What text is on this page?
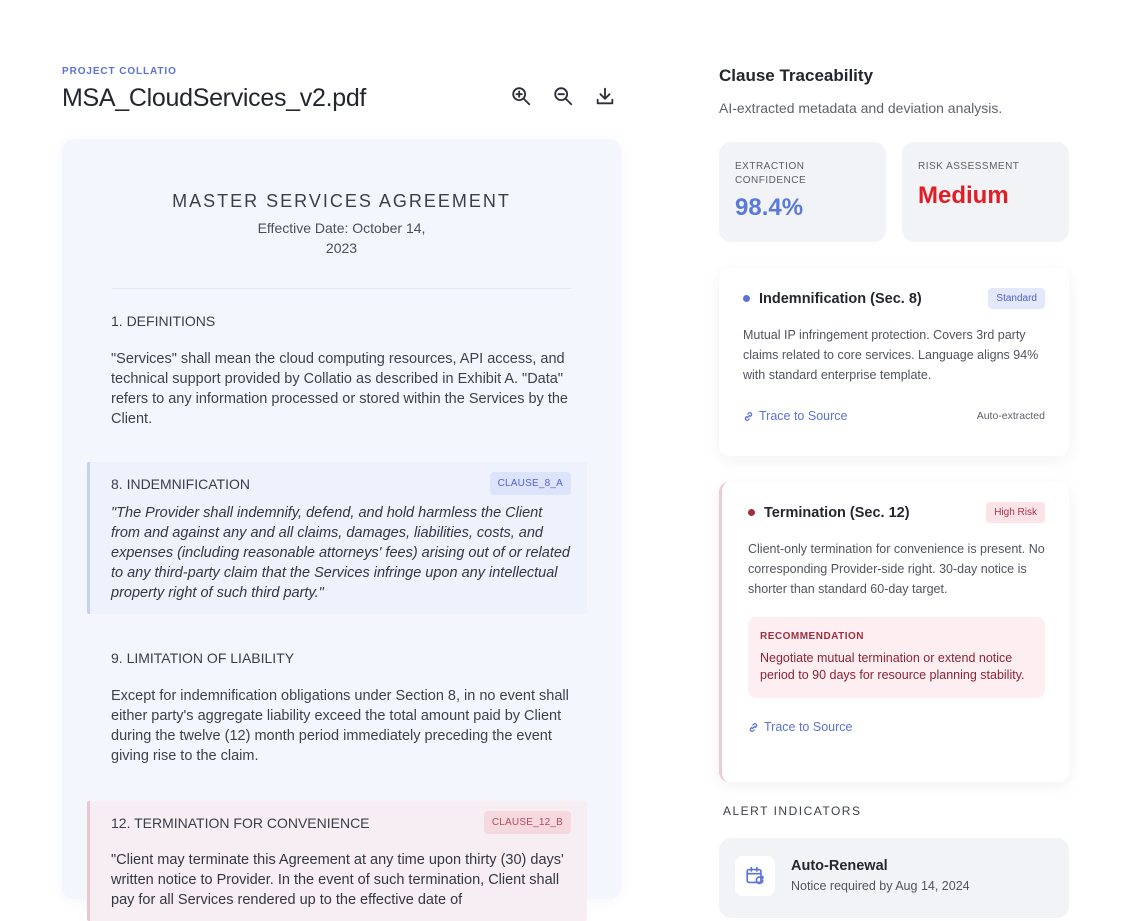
PROJECT COLLATIO
MSA_CloudServices_v2.pdf
MASTER SERVICES AGREEMENT
Effective Date: October 14, 2023
1. DEFINITIONS
"Services" shall mean the cloud computing resources, API access, and technical support provided by Collatio as described in Exhibit A. "Data" refers to any information processed or stored within the Services by the Client.
8. INDEMNIFICATION	CLAUSE_8_A
"The Provider shall indemnify, defend, and hold harmless the Client from and against any and all claims, damages, liabilities, costs, and expenses (including reasonable attorneys' fees) arising out of or related to any third-party claim that the Services infringe upon any intellectual property right of such third party."
9. LIMITATION OF LIABILITY
Except for indemnification obligations under Section 8, in no event shall either party's aggregate liability exceed the total amount paid by Client during the twelve (12) month period immediately preceding the event giving rise to the claim.
12. TERMINATION FOR CONVENIENCE	CLAUSE_12_B
"Client may terminate this Agreement at any time upon thirty (30) days' written notice to Provider. In the event of such termination, Client shall pay for all Services rendered up to the effective date of
Clause Traceability
AI-extracted metadata and deviation analysis.
EXTRACTION CONFIDENCE
98.4%
RISK ASSESSMENT
Medium
Indemnification (Sec. 8)	Standard
Mutual IP infringement protection. Covers 3rd party claims related to core services. Language aligns 94% with standard enterprise template.
Trace to Source	Auto-extracted
Termination (Sec. 12)	High Risk
Client-only termination for convenience is present. No corresponding Provider-side right. 30-day notice is shorter than standard 60-day target.
RECOMMENDATION
Negotiate mutual termination or extend notice period to 90 days for resource planning stability.
Trace to Source
ALERT INDICATORS
Auto-Renewal
Notice required by Aug 14, 2024
